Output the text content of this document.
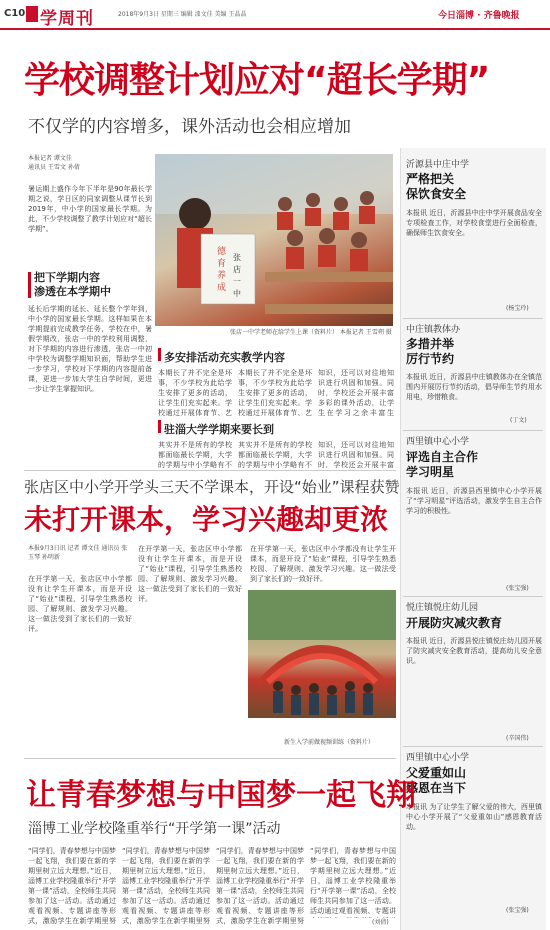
C10 学周刊	2018年9月3日 星期三 编辑 漆文佳 美编 王晶晶	今日淄博 · 齐鲁晚报
学校调整计划应对“超长学期”
不仅学的内容增多，课外活动也会相应增加
本报记者 谭文佳
通讯员 王雪文 孙倩
暑运期上盛作今年下半年是90年最长学期之说，学日区的同家调整从课节长到2019年，中小学的国家最长学期。为此，不少学校调整了教学计划应对“超长学期”。
把下学期内容
渗透在本学期中
延长后学期的延长、延长整个学年到，中小学的国家最长学期。这样如果在本学期提前完成教学任务，学校在中，暑假学期改，张店一中的学校利用调整，对下学期的内容进行渗透，张店一中初中学校为调整学期知识面，帮助学生进一步学习，学校对下学期的内容提前备课，更进一步加大学生自学时间，更进一步让学生掌握知识。
德
育
养
成
张
店
一
中
张店一中学老师在给学生上课（资料片） 本报记者 王雪朔 摄
多安排活动充实教学内容
本期长了并不完全是坏事，不少学校为此给学生安排了更多的活动，让学生们充实起来。学校通过开展体育节、艺
本期长了并不完全是坏事，不少学校为此给学生安排了更多的活动，让学生们充实起来。学校通过开展体育节、艺
知识，还可以对往地知识进行巩固和加强。同时，学校还会开展丰富多彩的课外活动，让学生在学习之余丰富生
驻淄大学学期来要长到
其实并不是所有的学校都面临最长学期，大学的学期与中小学略有不
其实并不是所有的学校都面临最长学期，大学的学期与中小学略有不
知识，还可以对往地知识进行巩固和加强。同时，学校还会开展丰富
沂源县中庄中学
严格把关
保饮食安全
本报讯 近日，沂源县中庄中学开展食品安全专项检查工作，对学校食堂进行全面检查，确保师生饮食安全。
(杨宝玲)
中庄镇教体办
多措并举
厉行节约
本报讯 近日，沂源县中庄镇教体办在全镇范围内开展厉行节约活动，倡导师生节约用水用电，珍惜粮食。
(丁文)
西里镇中心小学
评选自主合作
学习明星
本报讯 近日，沂源县西里镇中心小学开展了“学习明星”评选活动，激发学生自主合作学习的积极性。
(张宝强)
悦庄镇悦庄幼儿园
开展防灾减灾教育
本报讯 近日，沂源县悦庄镇悦庄幼儿园开展了防灾减灾安全教育活动，提高幼儿安全意识。
(辛国伟)
西里镇中心小学
父爱重如山
感恩在当下
本报讯 为了让学生了解父爱的伟大，西里镇中心小学开展了“父爱重如山”感恩教育活动。
(张宝强)
张店区中小学开学头三天不学课本，开设“始业”课程获赞
未打开课本，学习兴趣却更浓
本报9月3日讯 记者 谭文佳 通讯员 张玉琴 孙明新
在开学第一天，张店区中小学都没有让学生开课本，而是开设了“始业”课程，引导学生熟悉校园、了解规则、激发学习兴趣。这一做法受到了家长们的一致好评。
在开学第一天，张店区中小学都没有让学生开课本，而是开设了“始业”课程，引导学生熟悉校园、了解规则、激发学习兴趣。这一做法受到了家长们的一致好评。
在开学第一天，张店区中小学都没有让学生开课本，而是开设了“始业”课程，引导学生熟悉校园、了解规则、激发学习兴趣。这一做法受到了家长们的一致好评。
新生入学前做视频训练（资料片）
让青春梦想与中国梦一起飞翔
淄博工业学校隆重举行“开学第一课”活动
“同学们，青春梦想与中国梦一起飞翔，我们要在新的学期里树立远大理想。”近日，淄博工业学校隆重举行“开学第一课”活动，全校师生共同参加了这一活动。活动通过观看视频、专题讲座等形式，激励学生在新学期里努
“同学们，青春梦想与中国梦一起飞翔，我们要在新的学期里树立远大理想。”近日，淄博工业学校隆重举行“开学第一课”活动，全校师生共同参加了这一活动。活动通过观看视频、专题讲座等形式，激励学生在新学期里努
“同学们，青春梦想与中国梦一起飞翔，我们要在新的学期里树立远大理想。”近日，淄博工业学校隆重举行“开学第一课”活动，全校师生共同参加了这一活动。活动通过观看视频、专题讲座等形式，激励学生在新学期里努
“同学们，青春梦想与中国梦一起飞翔，我们要在新的学期里树立远大理想。”近日，淄博工业学校隆重举行“开学第一课”活动，全校师生共同参加了这一活动。活动通过观看视频、专题讲
(刘倩)
